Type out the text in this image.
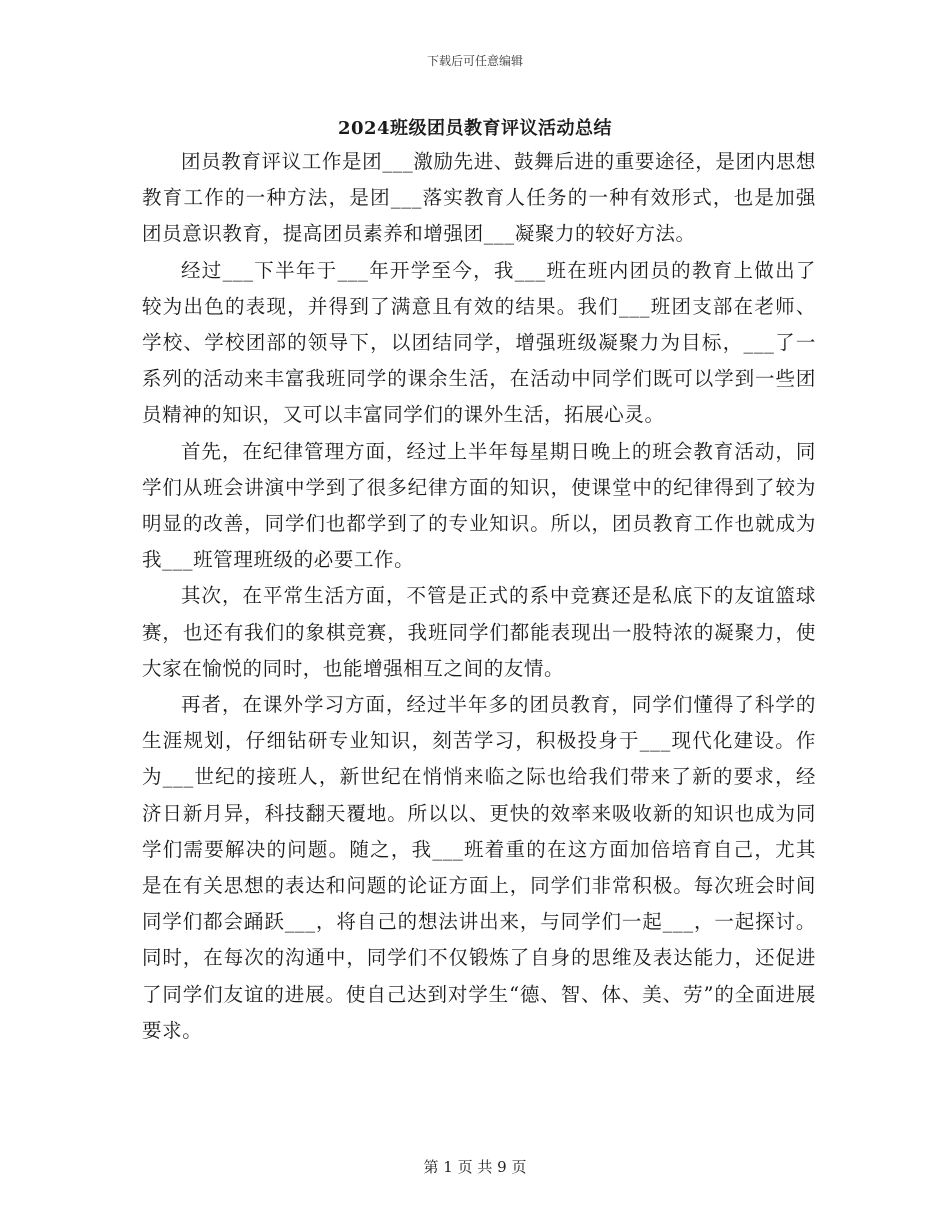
下载后可任意编辑
2024班级团员教育评议活动总结

团员教育评议工作是团___激励先进、鼓舞后进的重要途径，是团内思想教育工作的一种方法，是团___落实教育人任务的一种有效形式，也是加强团员意识教育，提高团员素养和增强团___凝聚力的较好方法。

经过___下半年于___年开学至今，我___班在班内团员的教育上做出了较为出色的表现，并得到了满意且有效的结果。我们___班团支部在老师、学校、学校团部的领导下，以团结同学，增强班级凝聚力为目标，___了一系列的活动来丰富我班同学的课余生活，在活动中同学们既可以学到一些团员精神的知识，又可以丰富同学们的课外生活，拓展心灵。

首先，在纪律管理方面，经过上半年每星期日晚上的班会教育活动，同学们从班会讲演中学到了很多纪律方面的知识，使课堂中的纪律得到了较为明显的改善，同学们也都学到了的专业知识。所以，团员教育工作也就成为我___班管理班级的必要工作。

其次，在平常生活方面，不管是正式的系中竞赛还是私底下的友谊篮球赛，也还有我们的象棋竞赛，我班同学们都能表现出一股特浓的凝聚力，使大家在愉悦的同时，也能增强相互之间的友情。

再者，在课外学习方面，经过半年多的团员教育，同学们懂得了科学的生涯规划，仔细钻研专业知识，刻苦学习，积极投身于___现代化建设。作为___世纪的接班人，新世纪在悄悄来临之际也给我们带来了新的要求，经济日新月异，科技翻天覆地。所以以、更快的效率来吸收新的知识也成为同学们需要解决的问题。随之，我___班着重的在这方面加倍培育自己，尤其是在有关思想的表达和问题的论证方面上，同学们非常积极。每次班会时间同学们都会踊跃___，将自己的想法讲出来，与同学们一起___，一起探讨。同时，在每次的沟通中，同学们不仅锻炼了自身的思维及表达能力，还促进了同学们友谊的进展。使自己达到对学生“德、智、体、美、劳”的全面进展要求。

第 1 页 共 9 页
